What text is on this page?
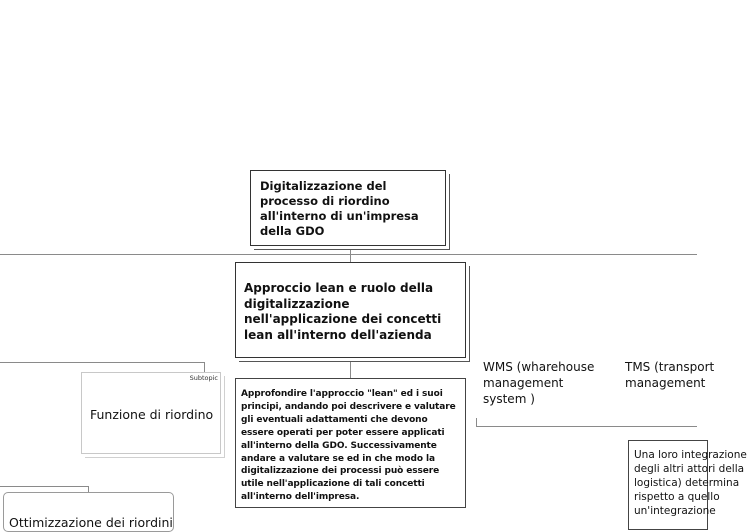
Digitalizzazione del
processo di riordino
all'interno di un'impresa
della GDO
Approccio lean e ruolo della
digitalizzazione
nell'applicazione dei concetti
lean all'interno dell'azienda
Approfondire l'approccio "lean" ed i suoi
principi, andando poi descrivere e valutare
gli eventuali adattamenti che devono
essere operati per poter essere applicati
all'interno della GDO. Successivamente
andare a valutare se ed in che modo la
digitalizzazione dei processi può essere
utile nell'applicazione di tali concetti
all'interno dell'impresa.
Subtopic
Funzione di riordino
Ottimizzazione dei riordini
WMS (wharehouse
management
system )
TMS (transport
management
Una loro integrazione
degli altri attori della
logistica) determina
rispetto a quello
un'integrazione
